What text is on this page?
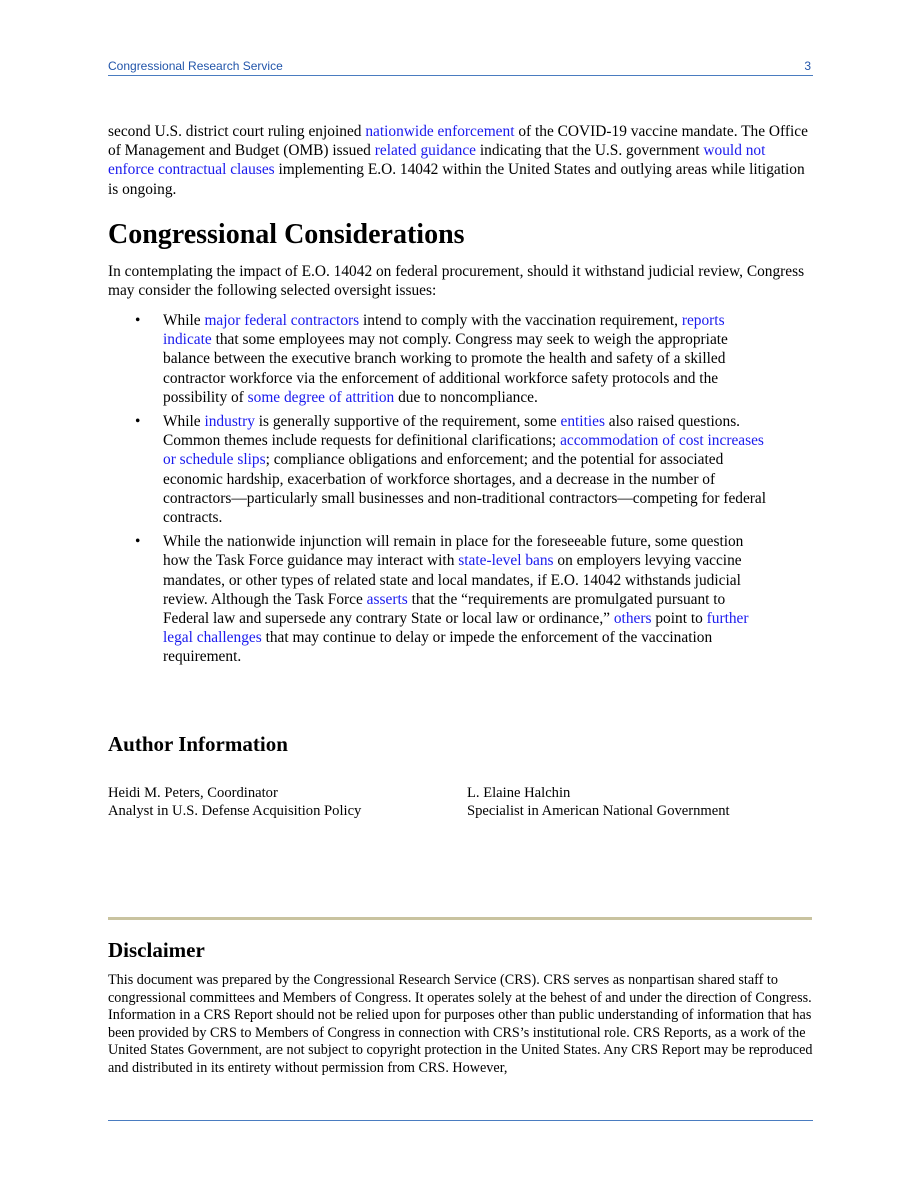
Congressional Research Service	3
second U.S. district court ruling enjoined nationwide enforcement of the COVID-19 vaccine mandate. The Office of Management and Budget (OMB) issued related guidance indicating that the U.S. government would not enforce contractual clauses implementing E.O. 14042 within the United States and outlying areas while litigation is ongoing.
Congressional Considerations
In contemplating the impact of E.O. 14042 on federal procurement, should it withstand judicial review, Congress may consider the following selected oversight issues:
• While major federal contractors intend to comply with the vaccination requirement, reports indicate that some employees may not comply. Congress may seek to weigh the appropriate balance between the executive branch working to promote the health and safety of a skilled contractor workforce via the enforcement of additional workforce safety protocols and the possibility of some degree of attrition due to noncompliance.
• While industry is generally supportive of the requirement, some entities also raised questions. Common themes include requests for definitional clarifications; accommodation of cost increases or schedule slips; compliance obligations and enforcement; and the potential for associated economic hardship, exacerbation of workforce shortages, and a decrease in the number of contractors—particularly small businesses and non-traditional contractors—competing for federal contracts.
• While the nationwide injunction will remain in place for the foreseeable future, some question how the Task Force guidance may interact with state-level bans on employers levying vaccine mandates, or other types of related state and local mandates, if E.O. 14042 withstands judicial review. Although the Task Force asserts that the “requirements are promulgated pursuant to Federal law and supersede any contrary State or local law or ordinance,” others point to further legal challenges that may continue to delay or impede the enforcement of the vaccination requirement.
Author Information
Heidi M. Peters, Coordinator
Analyst in U.S. Defense Acquisition Policy
L. Elaine Halchin
Specialist in American National Government
Disclaimer
This document was prepared by the Congressional Research Service (CRS). CRS serves as nonpartisan shared staff to congressional committees and Members of Congress. It operates solely at the behest of and under the direction of Congress. Information in a CRS Report should not be relied upon for purposes other than public understanding of information that has been provided by CRS to Members of Congress in connection with CRS’s institutional role. CRS Reports, as a work of the United States Government, are not subject to copyright protection in the United States. Any CRS Report may be reproduced and distributed in its entirety without permission from CRS. However,
